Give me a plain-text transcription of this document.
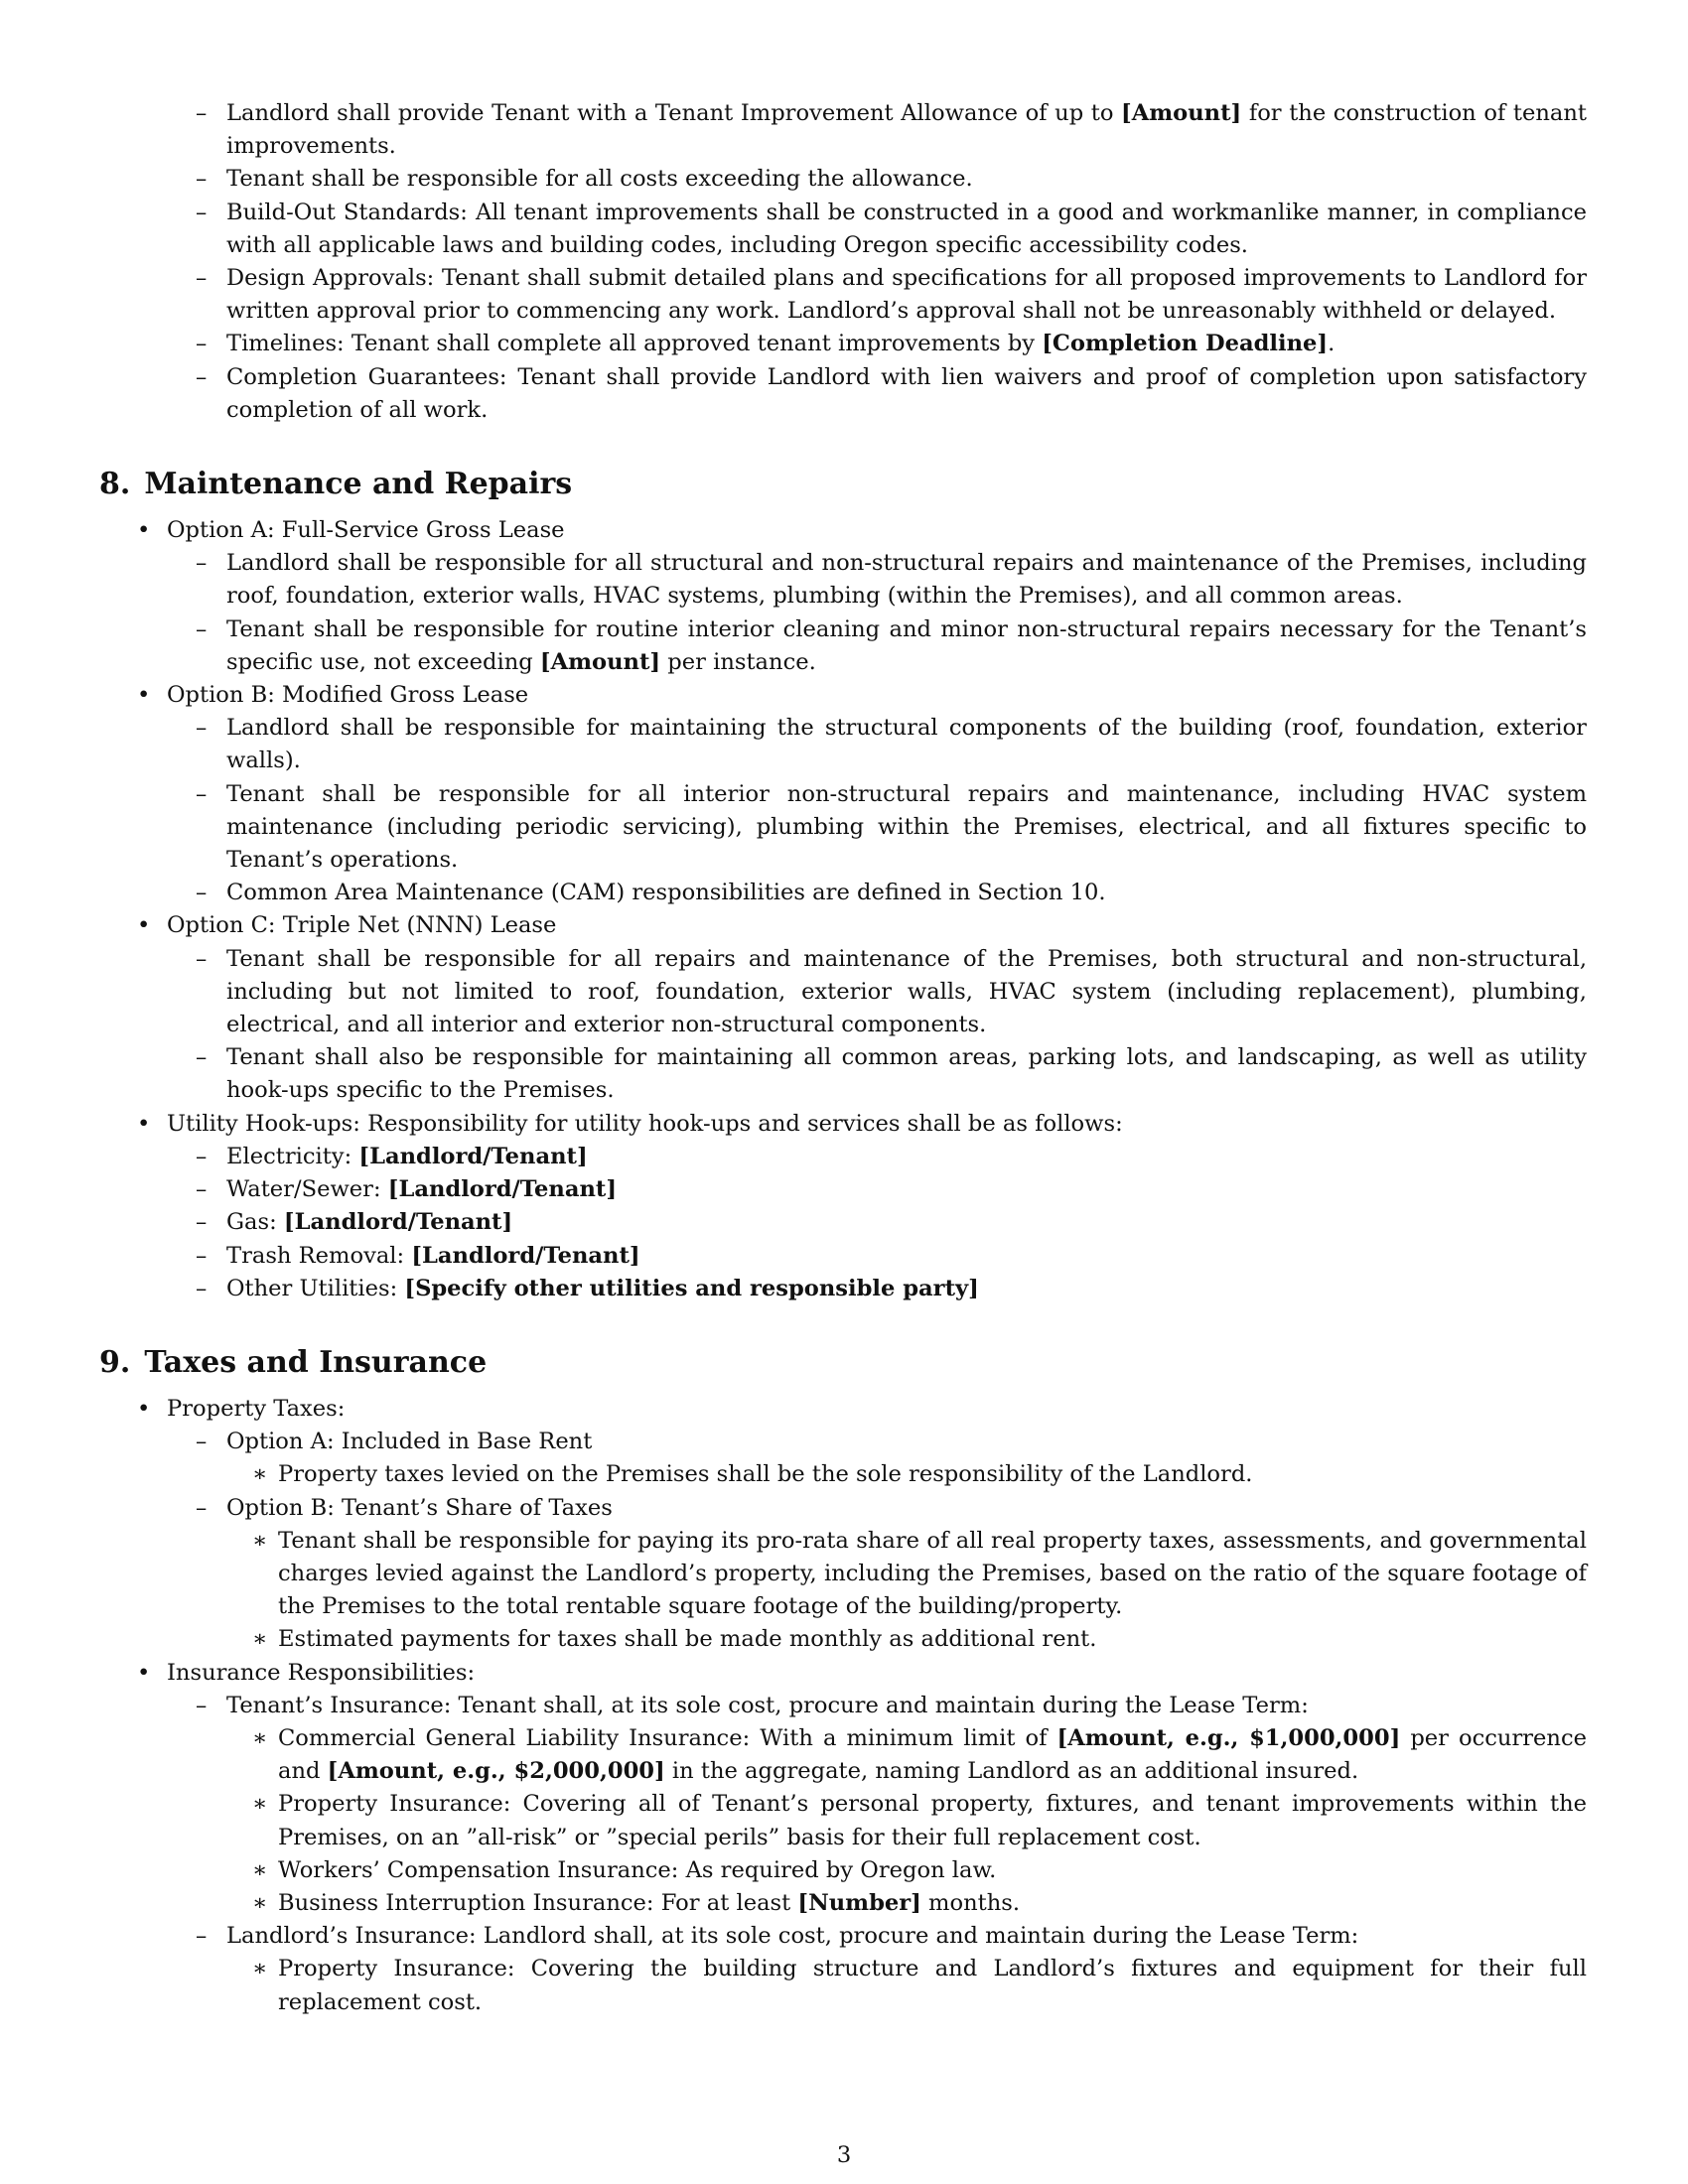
– Landlord shall provide Tenant with a Tenant Improvement Allowance of up to [Amount] for the construction of tenant improvements.
– Tenant shall be responsible for all costs exceeding the allowance.
– Build-Out Standards: All tenant improvements shall be constructed in a good and workmanlike manner, in compliance with all applicable laws and building codes, including Oregon specific accessibility codes.
– Design Approvals: Tenant shall submit detailed plans and specifications for all proposed improvements to Landlord for written approval prior to commencing any work. Landlord’s approval shall not be unreasonably withheld or delayed.
– Timelines: Tenant shall complete all approved tenant improvements by [Completion Deadline].
– Completion Guarantees: Tenant shall provide Landlord with lien waivers and proof of completion upon satisfactory completion of all work.
8. Maintenance and Repairs
• Option A: Full-Service Gross Lease
– Landlord shall be responsible for all structural and non-structural repairs and maintenance of the Premises, including roof, foundation, exterior walls, HVAC systems, plumbing (within the Premises), and all common areas.
– Tenant shall be responsible for routine interior cleaning and minor non-structural repairs necessary for the Tenant’s specific use, not exceeding [Amount] per instance.
• Option B: Modified Gross Lease
– Landlord shall be responsible for maintaining the structural components of the building (roof, foundation, exterior walls).
– Tenant shall be responsible for all interior non-structural repairs and maintenance, including HVAC system maintenance (including periodic servicing), plumbing within the Premises, electrical, and all fixtures specific to Tenant’s operations.
– Common Area Maintenance (CAM) responsibilities are defined in Section 10.
• Option C: Triple Net (NNN) Lease
– Tenant shall be responsible for all repairs and maintenance of the Premises, both structural and non-structural, including but not limited to roof, foundation, exterior walls, HVAC system (including replacement), plumbing, electrical, and all interior and exterior non-structural components.
– Tenant shall also be responsible for maintaining all common areas, parking lots, and landscaping, as well as utility hook-ups specific to the Premises.
• Utility Hook-ups: Responsibility for utility hook-ups and services shall be as follows:
– Electricity: [Landlord/Tenant]
– Water/Sewer: [Landlord/Tenant]
– Gas: [Landlord/Tenant]
– Trash Removal: [Landlord/Tenant]
– Other Utilities: [Specify other utilities and responsible party]
9. Taxes and Insurance
• Property Taxes:
– Option A: Included in Base Rent
∗ Property taxes levied on the Premises shall be the sole responsibility of the Landlord.
– Option B: Tenant’s Share of Taxes
∗ Tenant shall be responsible for paying its pro-rata share of all real property taxes, assessments, and governmental charges levied against the Landlord’s property, including the Premises, based on the ratio of the square footage of the Premises to the total rentable square footage of the building/property.
∗ Estimated payments for taxes shall be made monthly as additional rent.
• Insurance Responsibilities:
– Tenant’s Insurance: Tenant shall, at its sole cost, procure and maintain during the Lease Term:
∗ Commercial General Liability Insurance: With a minimum limit of [Amount, e.g., $1,000,000] per occurrence and [Amount, e.g., $2,000,000] in the aggregate, naming Landlord as an additional insured.
∗ Property Insurance: Covering all of Tenant’s personal property, fixtures, and tenant improvements within the Premises, on an ”all-risk” or ”special perils” basis for their full replacement cost.
∗ Workers’ Compensation Insurance: As required by Oregon law.
∗ Business Interruption Insurance: For at least [Number] months.
– Landlord’s Insurance: Landlord shall, at its sole cost, procure and maintain during the Lease Term:
∗ Property Insurance: Covering the building structure and Landlord’s fixtures and equipment for their full replacement cost.
3
